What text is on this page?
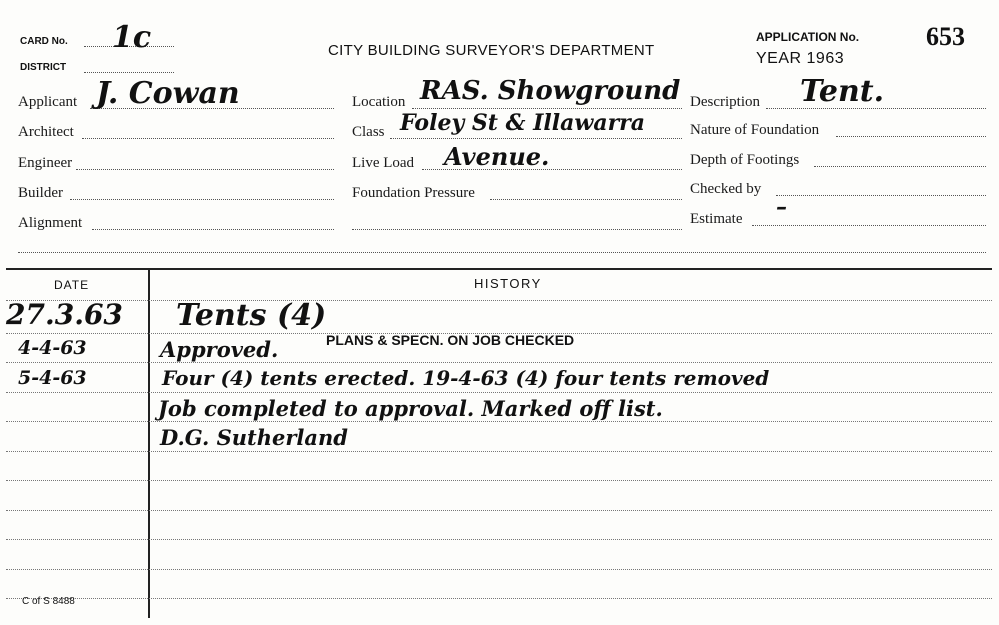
CARD No. 1c
DISTRICT
CITY BUILDING SURVEYOR'S DEPARTMENT
APPLICATION No.	653
YEAR 1963
Applicant J. Cowan
Architect
Engineer
Builder
Alignment
Location RAS. Showground
Class Foley St & Illawarra
Live Load Avenue.
Foundation Pressure
Description Tent.
Nature of Foundation
Depth of Footings
Checked by
Estimate –
DATE	HISTORY
27.3.63 Tents (4)
4-4-63	Approved.	PLANS & SPECN. ON JOB CHECKED
5-4-63	Four (4) tents erected. 19-4-63 (4) four tents removed
Job completed to approval. Marked off list.
D.G. Sutherland
C of S 8488
